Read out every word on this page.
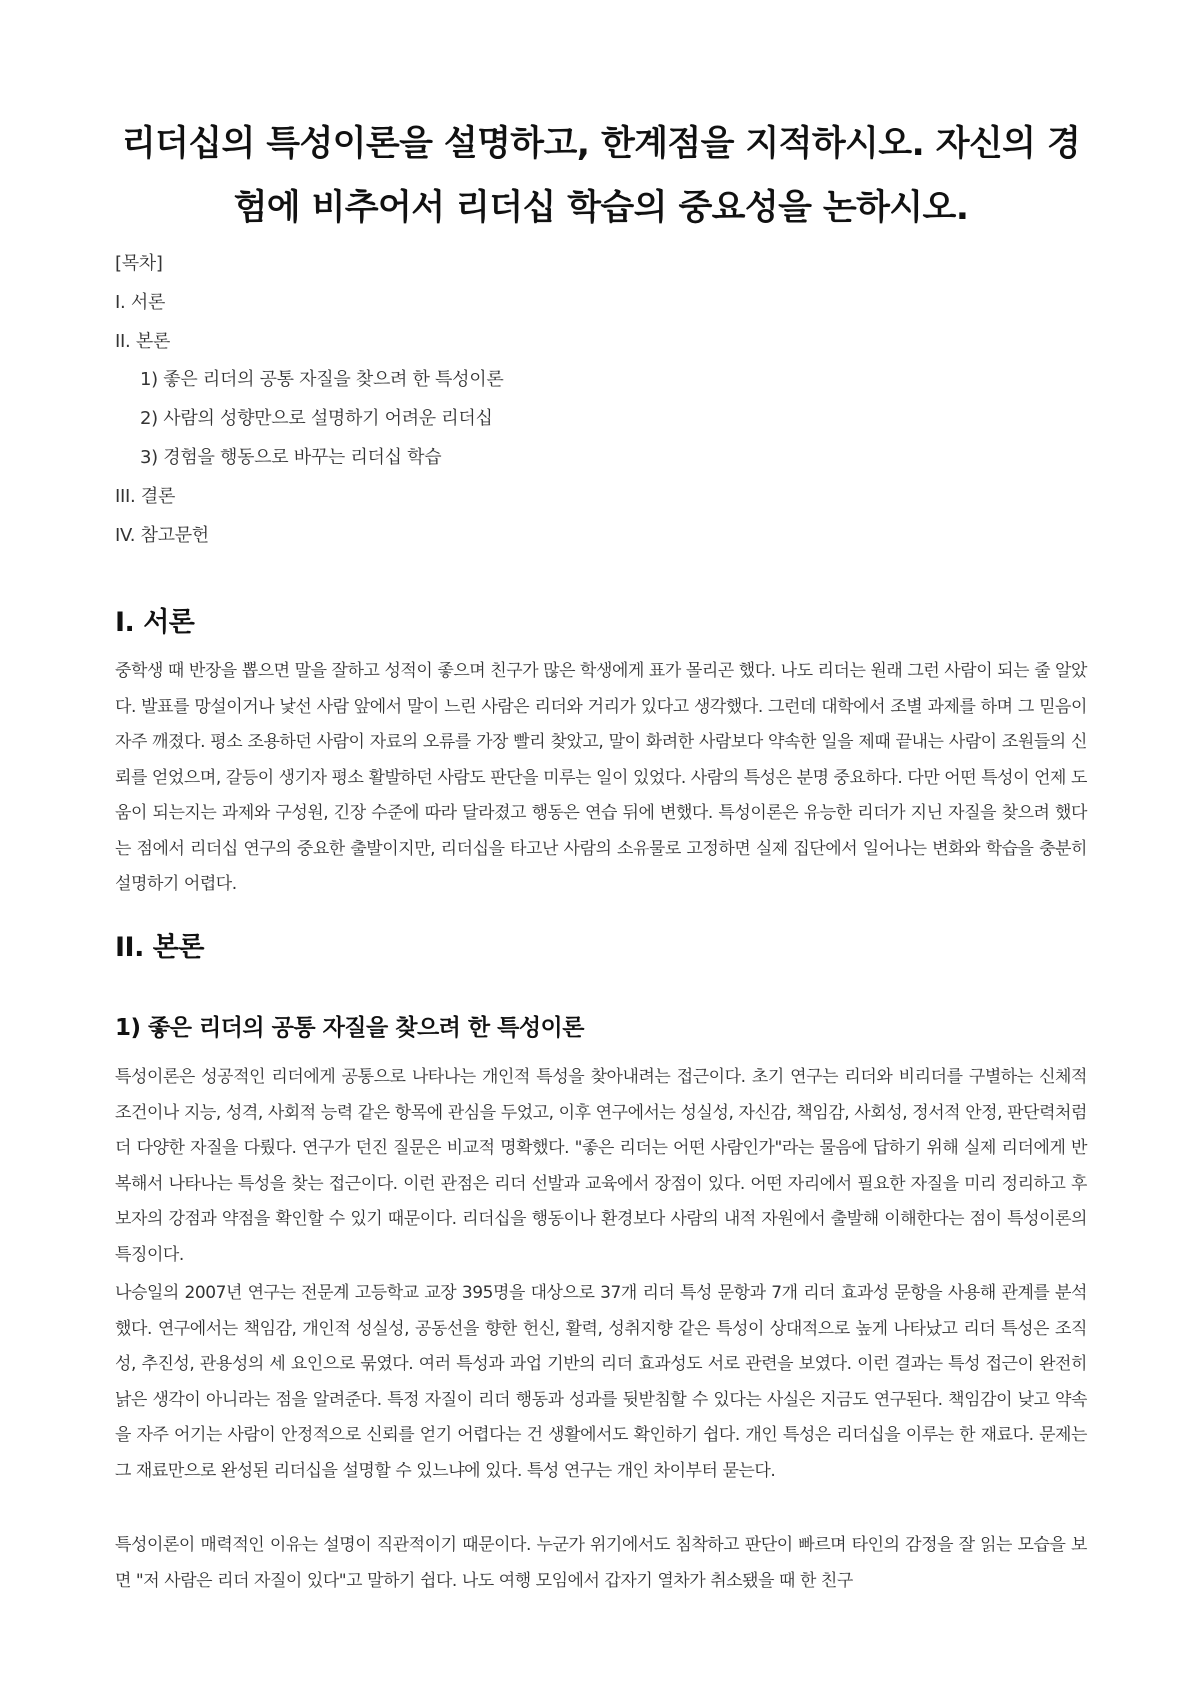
리더십의 특성이론을 설명하고, 한계점을 지적하시오. 자신의 경험에 비추어서 리더십 학습의 중요성을 논하시오.
[목차]
I. 서론
II. 본론
1) 좋은 리더의 공통 자질을 찾으려 한 특성이론
2) 사람의 성향만으로 설명하기 어려운 리더십
3) 경험을 행동으로 바꾸는 리더십 학습
III. 결론
IV. 참고문헌
I. 서론

중학생 때 반장을 뽑으면 말을 잘하고 성적이 좋으며 친구가 많은 학생에게 표가 몰리곤 했다. 나도 리더는 원래 그런 사람이 되는 줄 알았다. 발표를 망설이거나 낯선 사람 앞에서 말이 느린 사람은 리더와 거리가 있다고 생각했다. 그런데 대학에서 조별 과제를 하며 그 믿음이 자주 깨졌다. 평소 조용하던 사람이 자료의 오류를 가장 빨리 찾았고, 말이 화려한 사람보다 약속한 일을 제때 끝내는 사람이 조원들의 신뢰를 얻었으며, 갈등이 생기자 평소 활발하던 사람도 판단을 미루는 일이 있었다. 사람의 특성은 분명 중요하다. 다만 어떤 특성이 언제 도움이 되는지는 과제와 구성원, 긴장 수준에 따라 달라졌고 행동은 연습 뒤에 변했다. 특성이론은 유능한 리더가 지닌 자질을 찾으려 했다는 점에서 리더십 연구의 중요한 출발이지만, 리더십을 타고난 사람의 소유물로 고정하면 실제 집단에서 일어나는 변화와 학습을 충분히 설명하기 어렵다.

II. 본론
1) 좋은 리더의 공통 자질을 찾으려 한 특성이론

특성이론은 성공적인 리더에게 공통으로 나타나는 개인적 특성을 찾아내려는 접근이다. 초기 연구는 리더와 비리더를 구별하는 신체적 조건이나 지능, 성격, 사회적 능력 같은 항목에 관심을 두었고, 이후 연구에서는 성실성, 자신감, 책임감, 사회성, 정서적 안정, 판단력처럼 더 다양한 자질을 다뤘다. 연구가 던진 질문은 비교적 명확했다. "좋은 리더는 어떤 사람인가"라는 물음에 답하기 위해 실제 리더에게 반복해서 나타나는 특성을 찾는 접근이다. 이런 관점은 리더 선발과 교육에서 장점이 있다. 어떤 자리에서 필요한 자질을 미리 정리하고 후보자의 강점과 약점을 확인할 수 있기 때문이다. 리더십을 행동이나 환경보다 사람의 내적 자원에서 출발해 이해한다는 점이 특성이론의 특징이다.

나승일의 2007년 연구는 전문계 고등학교 교장 395명을 대상으로 37개 리더 특성 문항과 7개 리더 효과성 문항을 사용해 관계를 분석했다. 연구에서는 책임감, 개인적 성실성, 공동선을 향한 헌신, 활력, 성취지향 같은 특성이 상대적으로 높게 나타났고 리더 특성은 조직성, 추진성, 관용성의 세 요인으로 묶였다. 여러 특성과 과업 기반의 리더 효과성도 서로 관련을 보였다. 이런 결과는 특성 접근이 완전히 낡은 생각이 아니라는 점을 알려준다. 특정 자질이 리더 행동과 성과를 뒷받침할 수 있다는 사실은 지금도 연구된다. 책임감이 낮고 약속을 자주 어기는 사람이 안정적으로 신뢰를 얻기 어렵다는 건 생활에서도 확인하기 쉽다. 개인 특성은 리더십을 이루는 한 재료다. 문제는 그 재료만으로 완성된 리더십을 설명할 수 있느냐에 있다. 특성 연구는 개인 차이부터 묻는다.

특성이론이 매력적인 이유는 설명이 직관적이기 때문이다. 누군가 위기에서도 침착하고 판단이 빠르며 타인의 감정을 잘 읽는 모습을 보면 "저 사람은 리더 자질이 있다"고 말하기 쉽다. 나도 여행 모임에서 갑자기 열차가 취소됐을 때 한 친구
